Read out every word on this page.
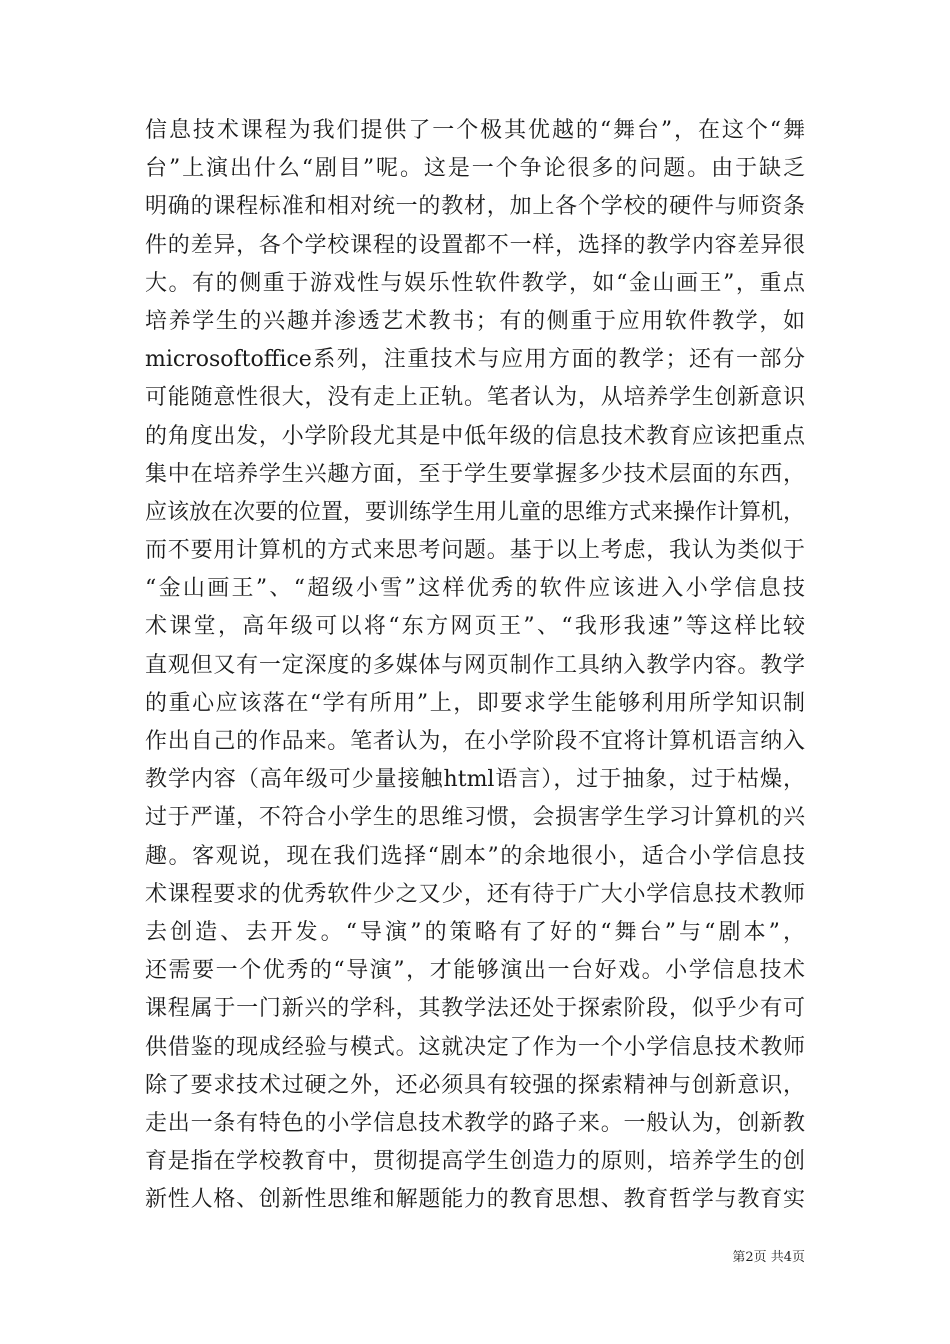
信息技术课程为我们提供了一个极其优越的“舞台”，在这个“舞
台”上演出什么“剧目”呢。这是一个争论很多的问题。由于缺乏
明确的课程标准和相对统一的教材，加上各个学校的硬件与师资条
件的差异，各个学校课程的设置都不一样，选择的教学内容差异很
大。有的侧重于游戏性与娱乐性软件教学，如“金山画王”，重点
培养学生的兴趣并渗透艺术教书；有的侧重于应用软件教学，如
microsoftoffice系列，注重技术与应用方面的教学；还有一部分
可能随意性很大，没有走上正轨。笔者认为，从培养学生创新意识
的角度出发，小学阶段尤其是中低年级的信息技术教育应该把重点
集中在培养学生兴趣方面，至于学生要掌握多少技术层面的东西，
应该放在次要的位置，要训练学生用儿童的思维方式来操作计算机，
而不要用计算机的方式来思考问题。基于以上考虑，我认为类似于
“金山画王”、“超级小雪”这样优秀的软件应该进入小学信息技
术课堂，高年级可以将“东方网页王”、“我形我速”等这样比较
直观但又有一定深度的多媒体与网页制作工具纳入教学内容。教学
的重心应该落在“学有所用”上，即要求学生能够利用所学知识制
作出自己的作品来。笔者认为，在小学阶段不宜将计算机语言纳入
教学内容（高年级可少量接触html语言），过于抽象，过于枯燥，
过于严谨，不符合小学生的思维习惯，会损害学生学习计算机的兴
趣。客观说，现在我们选择“剧本”的余地很小，适合小学信息技
术课程要求的优秀软件少之又少，还有待于广大小学信息技术教师
去创造、去开发。“导演”的策略有了好的“舞台”与“剧本”，
还需要一个优秀的“导演”，才能够演出一台好戏。小学信息技术
课程属于一门新兴的学科，其教学法还处于探索阶段，似乎少有可
供借鉴的现成经验与模式。这就决定了作为一个小学信息技术教师
除了要求技术过硬之外，还必须具有较强的探索精神与创新意识，
走出一条有特色的小学信息技术教学的路子来。一般认为，创新教
育是指在学校教育中，贯彻提高学生创造力的原则，培养学生的创
新性人格、创新性思维和解题能力的教育思想、教育哲学与教育实
第2页 共4页
